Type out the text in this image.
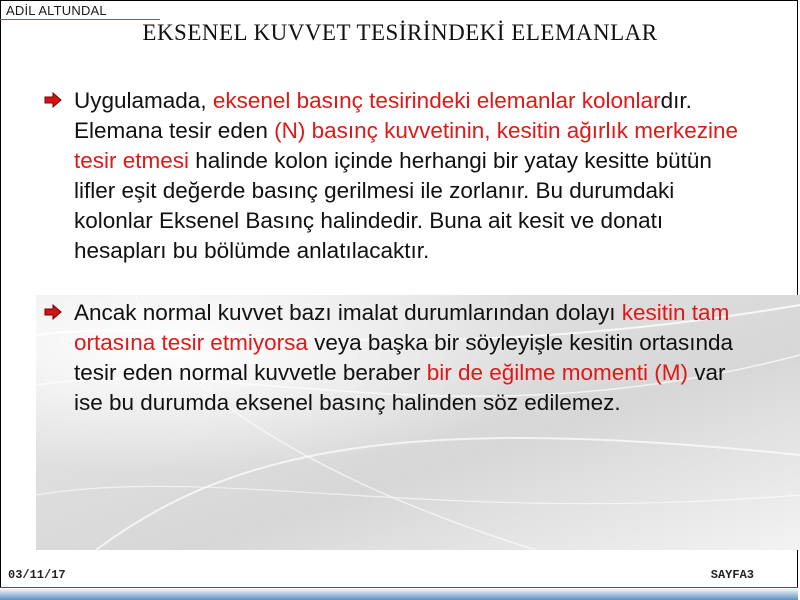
ADİL ALTUNDAL
EKSENEL KUVVET TESİRİNDEKİ ELEMANLAR
Uygulamada, eksenel basınç tesirindeki elemanlar kolonlardır. Elemana tesir eden (N) basınç kuvvetinin, kesitin ağırlık merkezine tesir etmesi halinde kolon içinde herhangi bir yatay kesitte bütün lifler eşit değerde basınç gerilmesi ile zorlanır. Bu durumdaki kolonlar Eksenel Basınç halindedir. Buna ait kesit ve donatı hesapları bu bölümde anlatılacaktır.
Ancak normal kuvvet bazı imalat durumlarından dolayı kesitin tam ortasına tesir etmiyorsa veya başka bir söyleyişle kesitin ortasında tesir eden normal kuvvetle beraber bir de eğilme momenti (M) var ise bu durumda eksenel basınç halinden söz edilemez.
03/11/17	SAYFA3
